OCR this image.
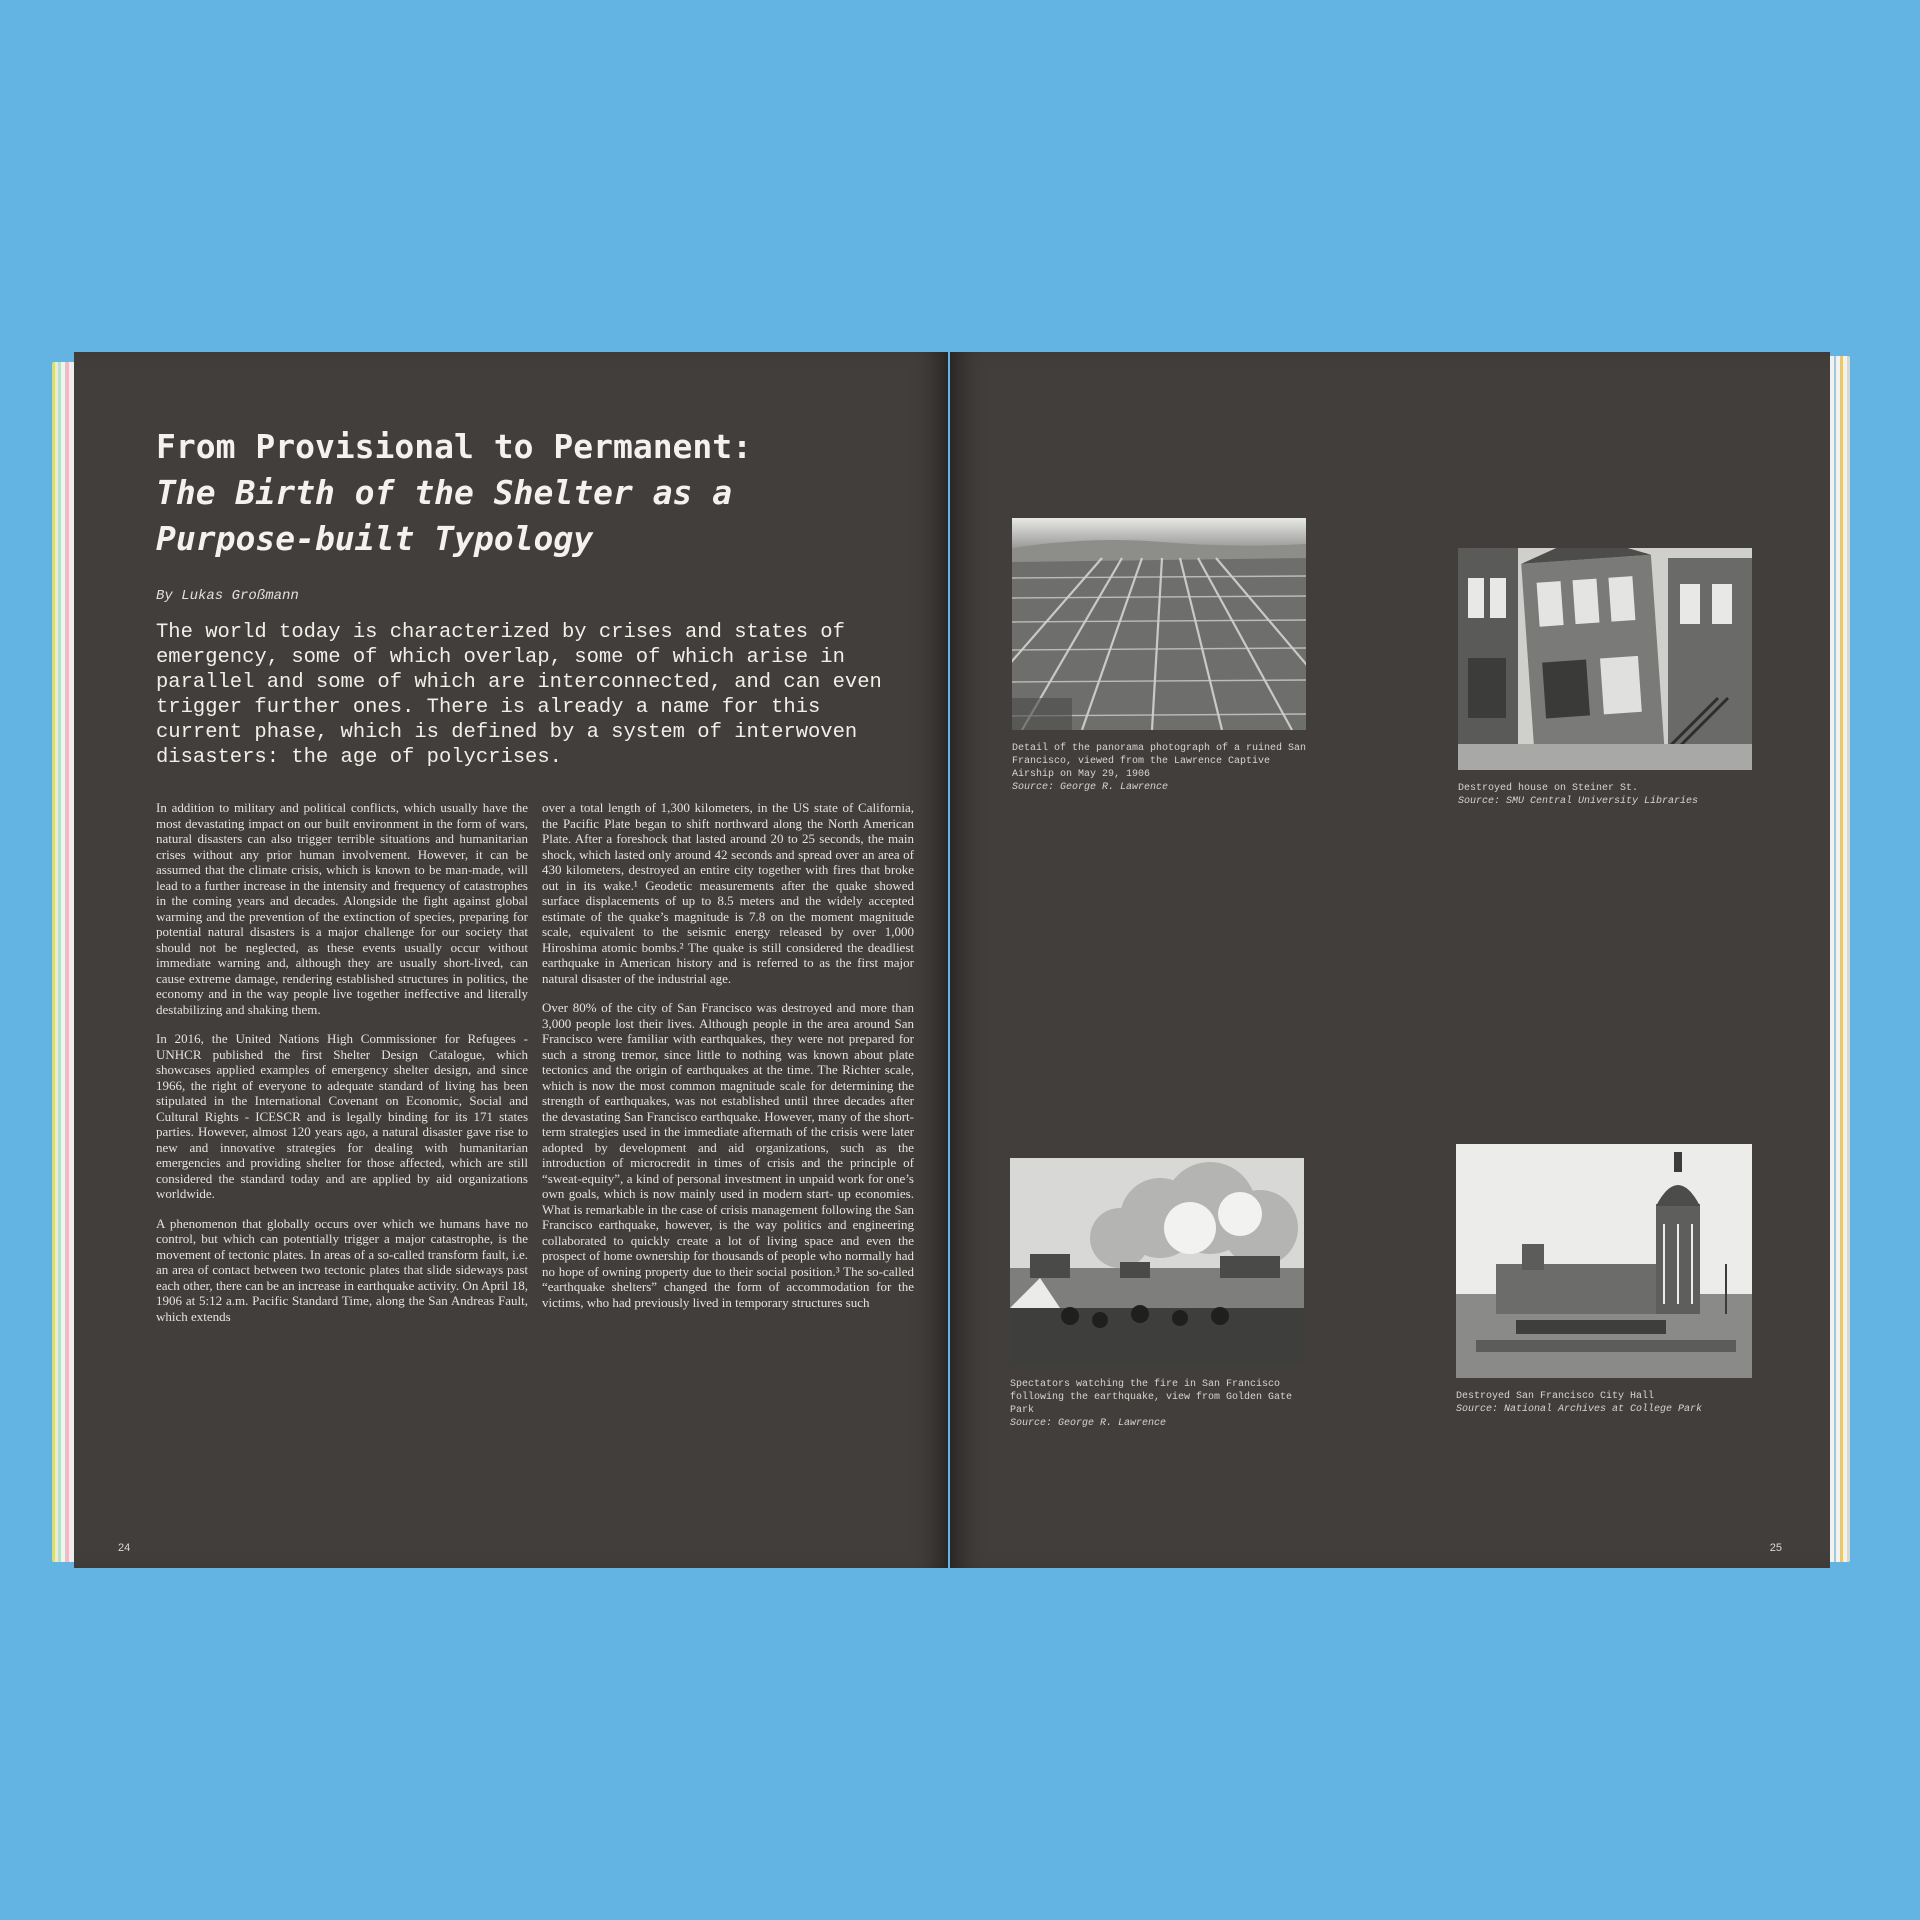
From Provisional to Permanent:
The Birth of the Shelter as a
Purpose-built Typology
By Lukas Großmann

The world today is characterized by crises and states of emergency, some of which overlap, some of which arise in parallel and some of which are interconnected, and can even trigger further ones. There is already a name for this current phase, which is defined by a system of interwoven disasters: the age of polycrises.

In addition to military and political conflicts, which usually have the most devastating impact on our built environment in the form of wars, natural disasters can also trigger terrible situations and humanitarian crises without any prior human involvement. However, it can be assumed that the climate crisis, which is known to be man-made, will lead to a further increase in the intensity and frequency of catastrophes in the coming years and decades. Alongside the fight against global warming and the prevention of the extinction of species, preparing for potential natural disasters is a major challenge for our society that should not be neglected, as these events usually occur without immediate warning and, although they are usually short-lived, can cause extreme damage, rendering established structures in politics, the economy and in the way people live together ineffective and literally destabilizing and shaking them.

In 2016, the United Nations High Commissioner for Refugees - UNHCR published the first Shelter Design Catalogue, which showcases applied examples of emergency shelter design, and since 1966, the right of everyone to adequate standard of living has been stipulated in the International Covenant on Economic, Social and Cultural Rights - ICESCR and is legally binding for its 171 states parties. However, almost 120 years ago, a natural disaster gave rise to new and innovative strategies for dealing with humanitarian emergencies and providing shelter for those affected, which are still considered the standard today and are applied by aid organizations worldwide.

A phenomenon that globally occurs over which we humans have no control, but which can potentially trigger a major catastrophe, is the movement of tectonic plates. In areas of a so-called transform fault, i.e. an area of contact between two tectonic plates that slide sideways past each other, there can be an increase in earthquake activity. On April 18, 1906 at 5:12 a.m. Pacific Standard Time, along the San Andreas Fault, which extends

over a total length of 1,300 kilometers, in the US state of California, the Pacific Plate began to shift northward along the North American Plate. After a foreshock that lasted around 20 to 25 seconds, the main shock, which lasted only around 42 seconds and spread over an area of 430 kilometers, destroyed an entire city together with fires that broke out in its wake.¹ Geodetic measurements after the quake showed surface displacements of up to 8.5 meters and the widely accepted estimate of the quake’s magnitude is 7.8 on the moment magnitude scale, equivalent to the seismic energy released by over 1,000 Hiroshima atomic bombs.² The quake is still considered the deadliest earthquake in American history and is referred to as the first major natural disaster of the industrial age.

Over 80% of the city of San Francisco was destroyed and more than 3,000 people lost their lives. Although people in the area around San Francisco were familiar with earthquakes, they were not prepared for such a strong tremor, since little to nothing was known about plate tectonics and the origin of earthquakes at the time. The Richter scale, which is now the most common magnitude scale for determining the strength of earthquakes, was not established until three decades after the devastating San Francisco earthquake. However, many of the short-term strategies used in the immediate aftermath of the crisis were later adopted by development and aid organizations, such as the introduction of microcredit in times of crisis and the principle of “sweat-equity”, a kind of personal investment in unpaid work for one’s own goals, which is now mainly used in modern start- up economies. What is remarkable in the case of crisis management following the San Francisco earthquake, however, is the way politics and engineering collaborated to quickly create a lot of living space and even the prospect of home ownership for thousands of people who normally had no hope of owning property due to their social position.³ The so-called “earthquake shelters” changed the form of accommodation for the victims, who had previously lived in temporary structures such

24
Detail of the panorama photograph of a ruined San Francisco, viewed from the Lawrence Captive Airship on May 29, 1906
Source: George R. Lawrence	Destroyed house on Steiner St.
Source: SMU Central University Libraries
Spectators watching the fire in San Francisco following the earthquake, view from Golden Gate Park
Source: George R. Lawrence
Destroyed San Francisco City Hall
Source: National Archives at College Park
25
